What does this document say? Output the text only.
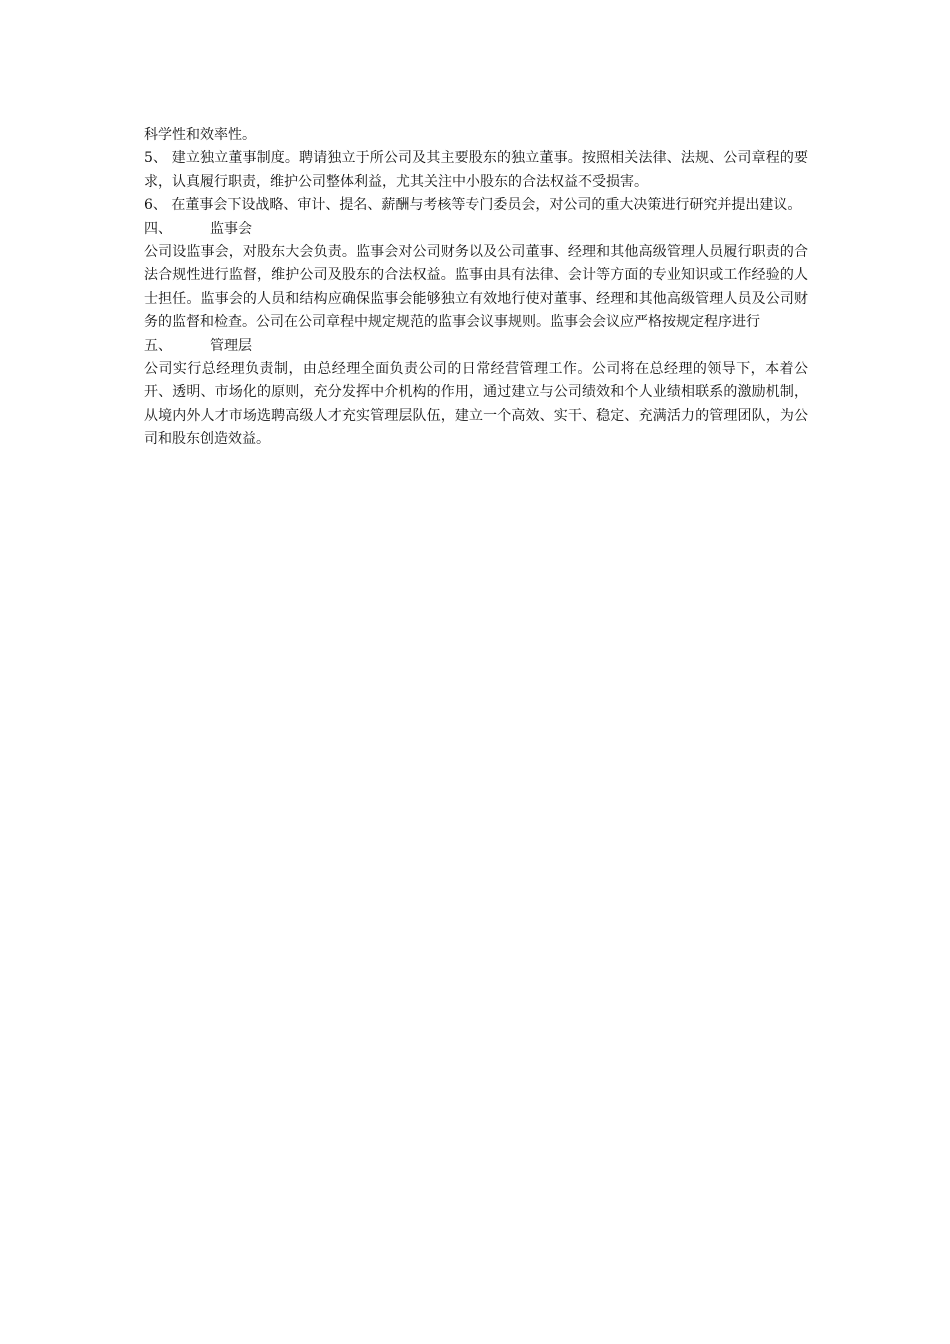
科学性和效率性。

5、 建立独立董事制度。聘请独立于所公司及其主要股东的独立董事。按照相关法律、法规、公司章程的要求，认真履行职责，维护公司整体利益，尤其关注中小股东的合法权益不受损害。

6、 在董事会下设战略、审计、提名、薪酬与考核等专门委员会，对公司的重大决策进行研究并提出建议。

四、	监事会

公司设监事会，对股东大会负责。监事会对公司财务以及公司董事、经理和其他高级管理人员履行职责的合法合规性进行监督，维护公司及股东的合法权益。监事由具有法律、会计等方面的专业知识或工作经验的人士担任。监事会的人员和结构应确保监事会能够独立有效地行使对董事、经理和其他高级管理人员及公司财务的监督和检查。公司在公司章程中规定规范的监事会议事规则。监事会会议应严格按规定程序进行

五、	管理层

公司实行总经理负责制，由总经理全面负责公司的日常经营管理工作。公司将在总经理的领导下，本着公开、透明、市场化的原则，充分发挥中介机构的作用，通过建立与公司绩效和个人业绩相联系的激励机制，从境内外人才市场选聘高级人才充实管理层队伍，建立一个高效、实干、稳定、充满活力的管理团队，为公司和股东创造效益。
